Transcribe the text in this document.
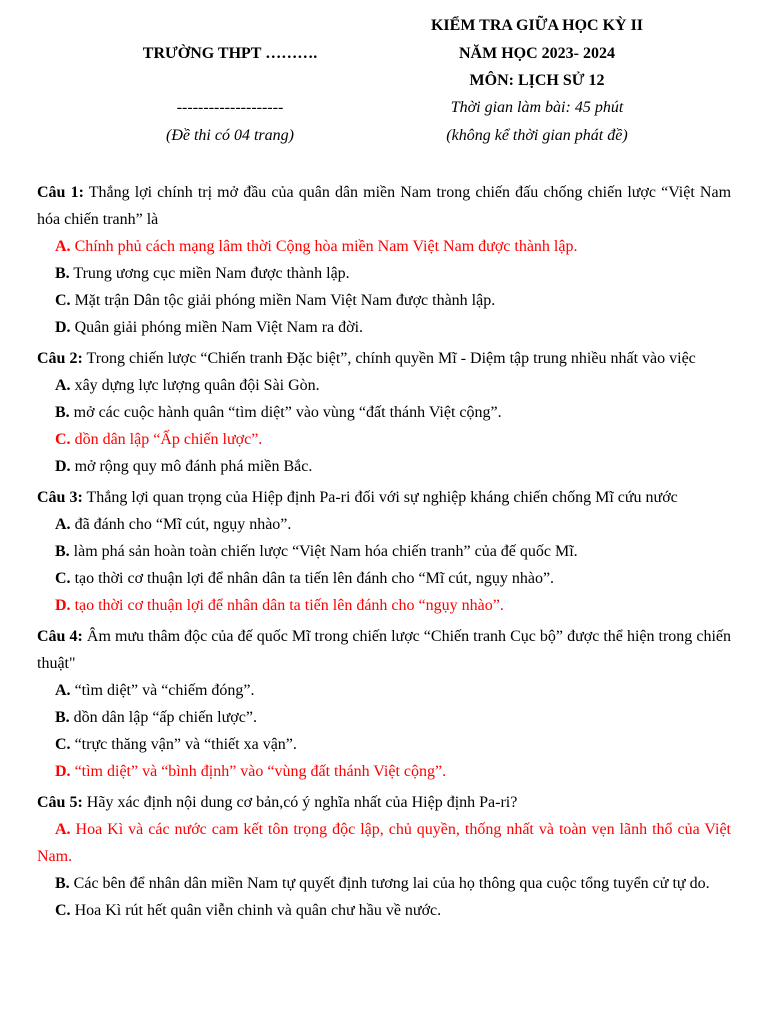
TRƯỜNG THPT ……….
--------------------
(Đề thi có 04 trang)
KIỂM TRA GIỮA HỌC KỲ II
NĂM HỌC 2023- 2024
MÔN: LỊCH SỬ 12
Thời gian làm bài: 45 phút
(không kể thời gian phát đề)
Câu 1: Thắng lợi chính trị mở đầu của quân dân miền Nam trong chiến đấu chống chiến lược “Việt Nam hóa chiến tranh” là
A. Chính phủ cách mạng lâm thời Cộng hòa miền Nam Việt Nam được thành lập.
B. Trung ương cục miền Nam được thành lập.
C. Mặt trận Dân tộc giải phóng miền Nam Việt Nam được thành lập.
D. Quân giải phóng miền Nam Việt Nam ra đời.
Câu 2: Trong chiến lược “Chiến tranh Đặc biệt”, chính quyền Mĩ - Diệm tập trung nhiều nhất vào việc
A. xây dựng lực lượng quân đội Sài Gòn.
B. mở các cuộc hành quân “tìm diệt” vào vùng “đất thánh Việt cộng”.
C. dồn dân lập “Ấp chiến lược”.
D. mở rộng quy mô đánh phá miền Bắc.
Câu 3: Thắng lợi quan trọng của Hiệp định Pa-ri đối với sự nghiệp kháng chiến chống Mĩ cứu nước
A. đã đánh cho “Mĩ cút, ngụy nhào”.
B. làm phá sản hoàn toàn chiến lược “Việt Nam hóa chiến tranh” của đế quốc Mĩ.
C. tạo thời cơ thuận lợi để nhân dân ta tiến lên đánh cho “Mĩ cút, ngụy nhào”.
D. tạo thời cơ thuận lợi để nhân dân ta tiến lên đánh cho “ngụy nhào”.
Câu 4: Âm mưu thâm độc của đế quốc Mĩ trong chiến lược “Chiến tranh Cục bộ” được thể hiện trong chiến thuật"
A. “tìm diệt” và “chiếm đóng”.
B. dồn dân lập “ấp chiến lược”.
C. “trực thăng vận” và “thiết xa vận”.
D. “tìm diệt” và “bình định” vào “vùng đất thánh Việt cộng”.
Câu 5: Hãy xác định nội dung cơ bản,có ý nghĩa nhất của Hiệp định Pa-ri?
A. Hoa Kì và các nước cam kết tôn trọng độc lập, chủ quyền, thống nhất và toàn vẹn lãnh thổ của Việt Nam.
B. Các bên để nhân dân miền Nam tự quyết định tương lai của họ thông qua cuộc tổng tuyển cử tự do.
C. Hoa Kì rút hết quân viễn chinh và quân chư hầu về nước.
